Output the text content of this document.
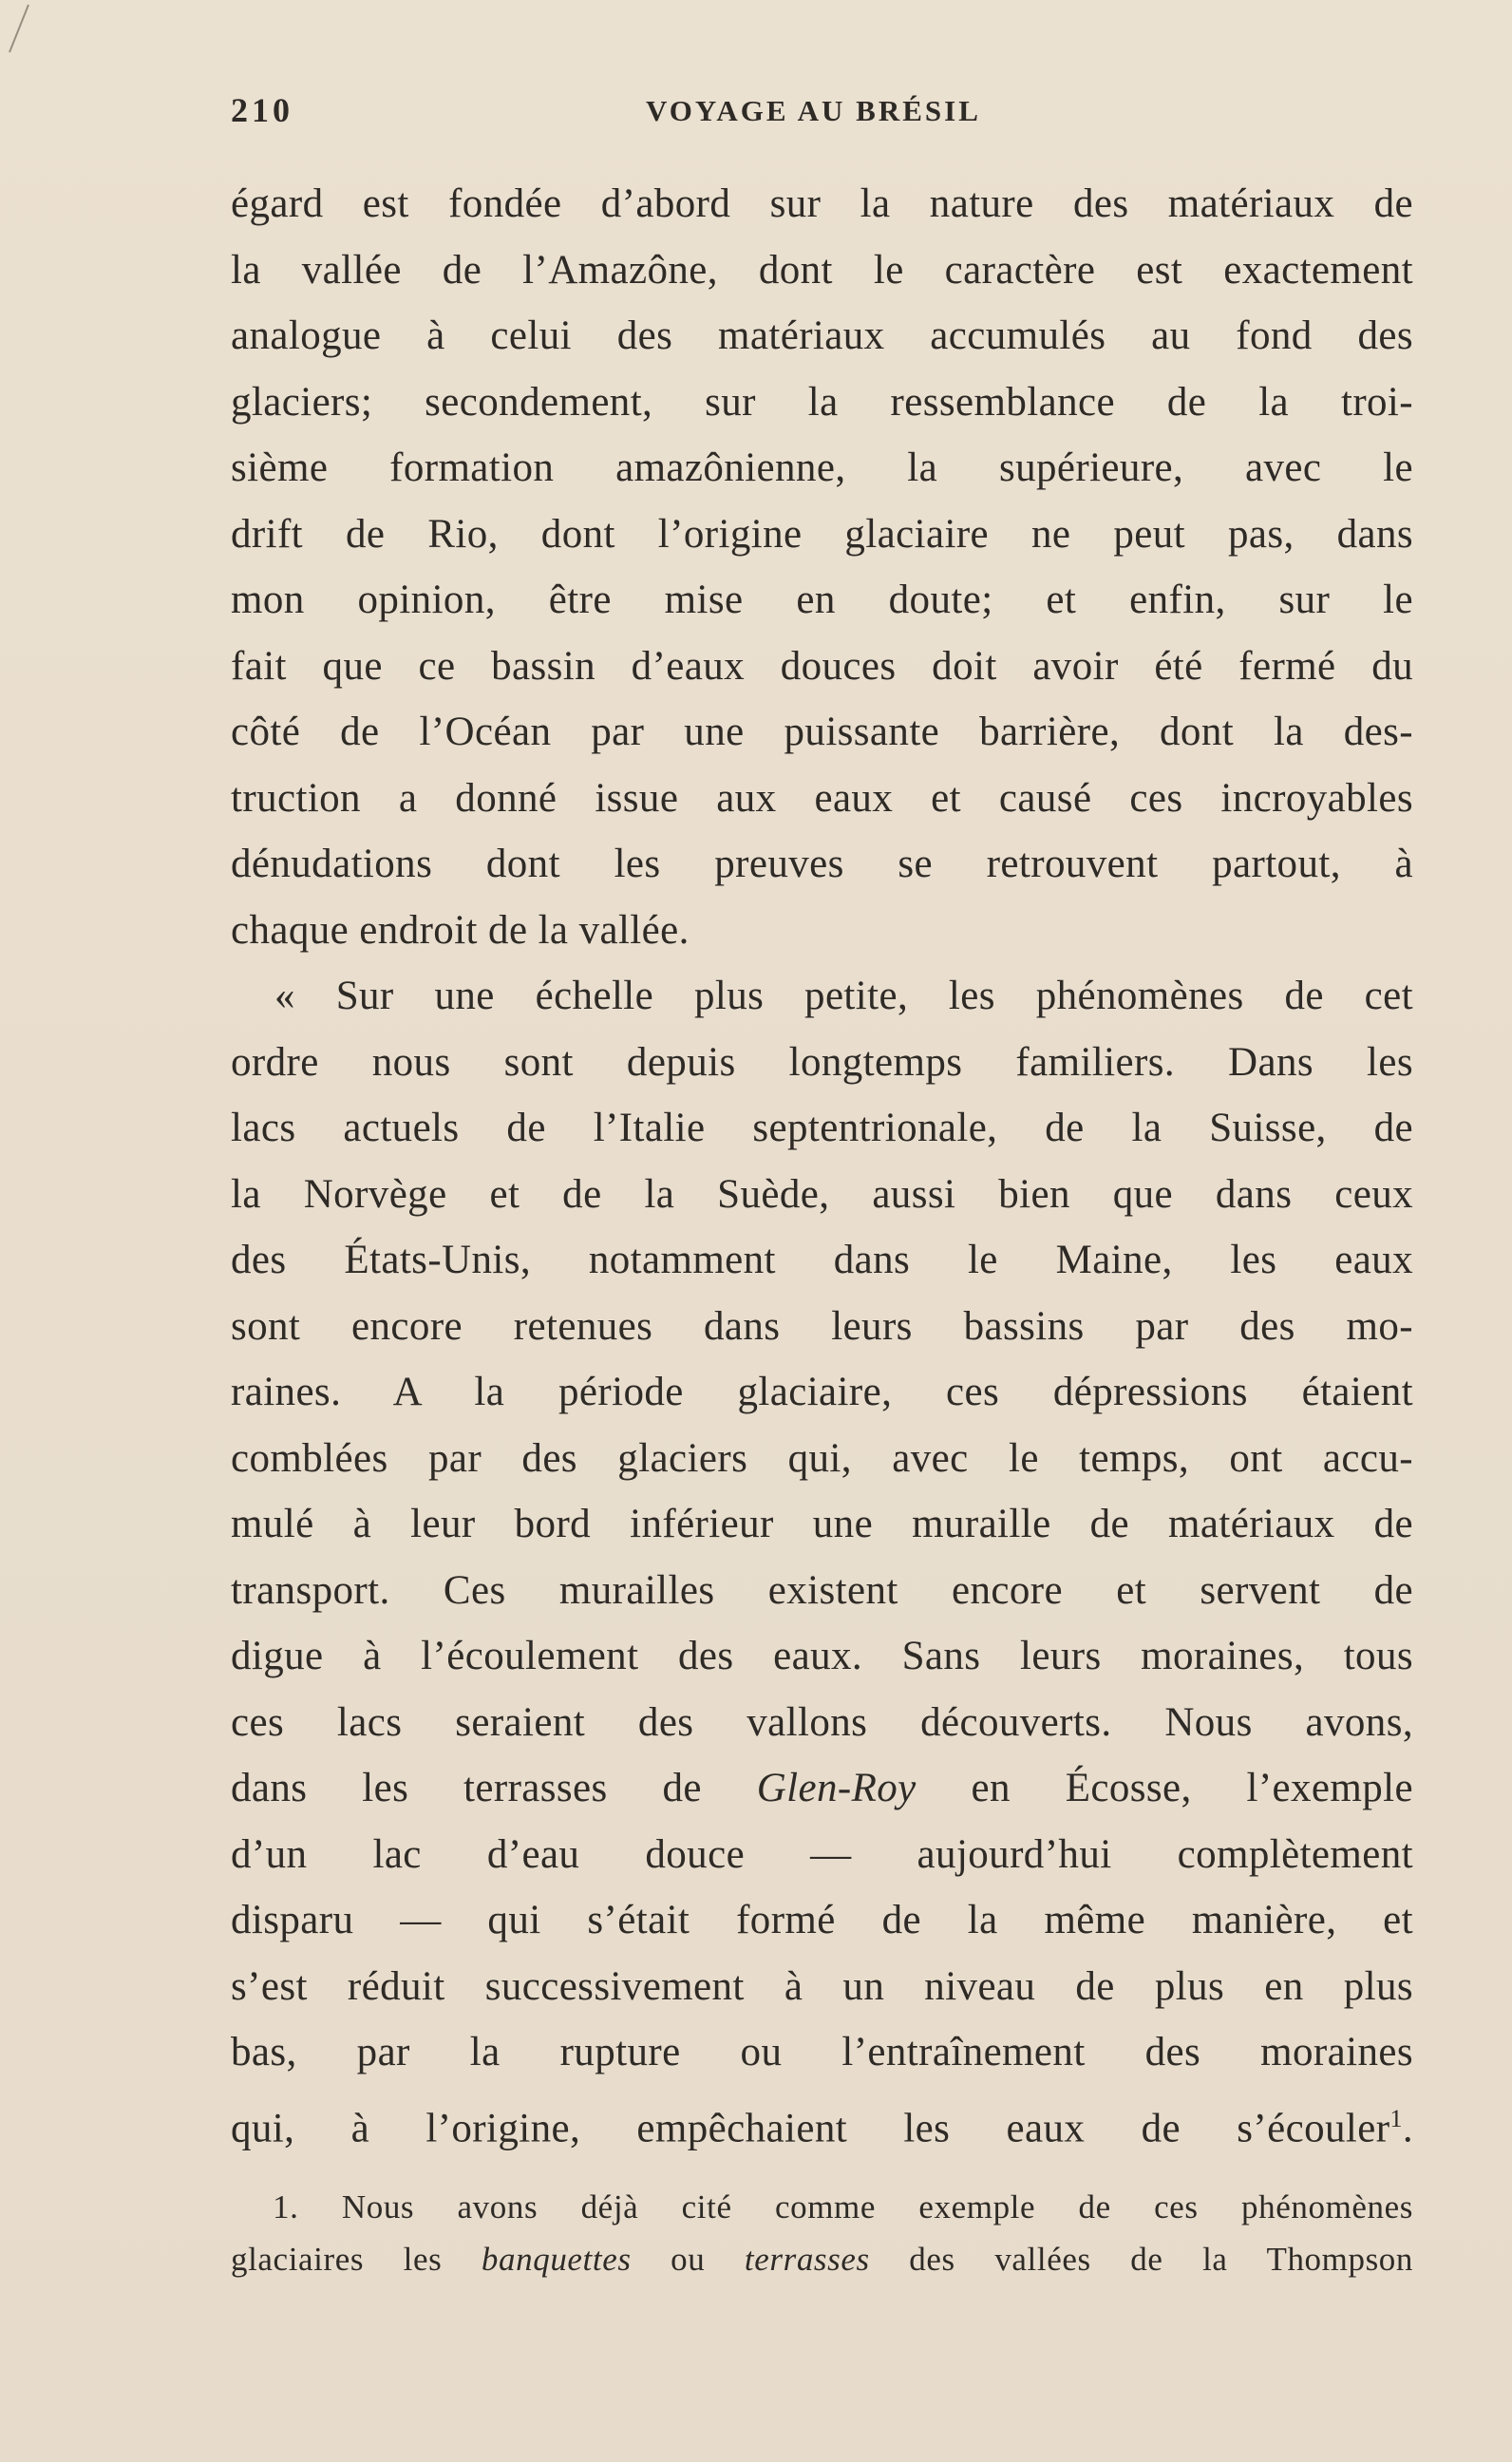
210	VOYAGE AU BRÉSIL
égard est fondée d’abord sur la nature des matériaux de
la vallée de l’Amazône, dont le caractère est exactement
analogue à celui des matériaux accumulés au fond des
glaciers; secondement, sur la ressemblance de la troi-
sième formation amazônienne, la supérieure, avec le
drift de Rio, dont l’origine glaciaire ne peut pas, dans
mon opinion, être mise en doute; et enfin, sur le
fait que ce bassin d’eaux douces doit avoir été fermé du
côté de l’Océan par une puissante barrière, dont la des-
truction a donné issue aux eaux et causé ces incroyables
dénudations dont les preuves se retrouvent partout, à
chaque endroit de la vallée.
« Sur une échelle plus petite, les phénomènes de cet
ordre nous sont depuis longtemps familiers. Dans les
lacs actuels de l’Italie septentrionale, de la Suisse, de
la Norvège et de la Suède, aussi bien que dans ceux
des États-Unis, notamment dans le Maine, les eaux
sont encore retenues dans leurs bassins par des mo-
raines. A la période glaciaire, ces dépressions étaient
comblées par des glaciers qui, avec le temps, ont accu-
mulé à leur bord inférieur une muraille de matériaux de
transport. Ces murailles existent encore et servent de
digue à l’écoulement des eaux. Sans leurs moraines, tous
ces lacs seraient des vallons découverts. Nous avons,
dans les terrasses de Glen-Roy en Écosse, l’exemple
d’un lac d’eau douce — aujourd’hui complètement
disparu — qui s’était formé de la même manière, et
s’est réduit successivement à un niveau de plus en plus
bas, par la rupture ou l’entraînement des moraines
qui, à l’origine, empêchaient les eaux de s’écouler$^1$.
1. Nous avons déjà cité comme exemple de ces phénomènes
glaciaires les banquettes ou terrasses des vallées de la Thompson
